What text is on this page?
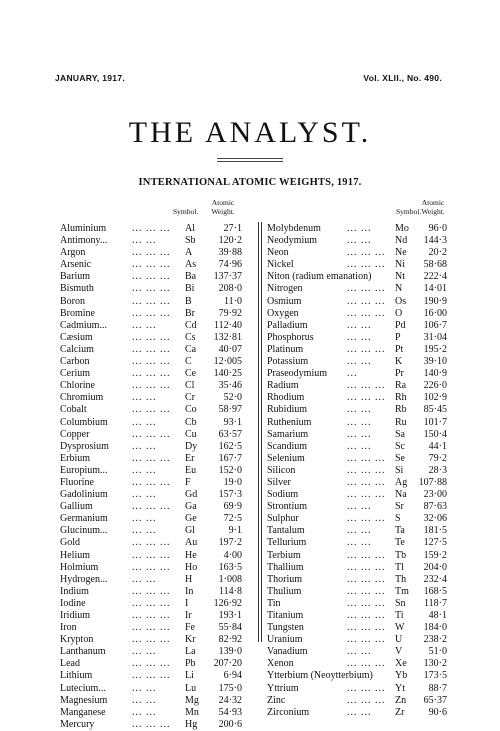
JANUARY, 1917.	Vol. XLII., No. 490.
THE ANALYST.
INTERNATIONAL ATOMIC WEIGHTS, 1917.
Symbol.
Atomic
Weight.	Symbol.
Atomic
Weight.
Aluminium	... ... ... Al	27·1
Antimony... ... ...	Sb 120·2
Argon	... ... ... A	39·88
Arsenic	... ... ... As 74·96
Barium	... ... ... Ba 137·37
Bismuth	... ... ... Bi 208·0
Boron	... ... ... B	11·0
Bromine	... ... ... Br 79·92
Cadmium...	... ...	Cd 112·40
Cæsium	... ... ... Cs 132·81
Calcium	... ... ... Ca 40·07
Carbon	... ... ... C 12·005
Cerium	... ... ... Ce 140·25
Chlorine	... ... ... Cl 35·46
Chromium	... ...	Cr	52·0
Cobalt	... ... ... Co 58·97
Columbium ... ...	Cb	93·1
Copper	... ... ... Cu 63·57
Dysprosium ... ...	Dy 162·5
Erbium	... ... ... Er 167·7
Europium... ... ...	Eu 152·0
Fluorine	... ... ... F	19·0
Gadolinium ... ...	Gd 157·3
Gallium	... ... ... Ga	69·9
Germanium ... ...	Ge	72·5
Glucinum... ... ...	Gl	9·1
Gold	... ... ... Au 197·2
Helium	... ... ... He	4·00
Holmium	... ... ... Ho 163·5
Hydrogen... ... ...	H	1·008
Indium	... ... ... In	114·8
Iodine	... ... ... I	126·92
Iridium	... ... ... Ir	193·1
Iron	... ... ... Fe 55·84
Krypton	... ... ... Kr 82·92
Lanthanum	... ...	La 139·0
Lead	... ... ... Pb 207·20
Lithium	... ... ... Li	6·94
Lutecium...	... ...	Lu 175·0
Magnesium ... ...	Mg 24·32
Manganese	... ...	Mn 54·93
Mercury	... ... ... Hg 200·6
Molybdenum	... ... Mo 96·0
Neodymium	... ... Nd 144·3
Neon	... ... ... Ne 20·2
Nickel	... ... ... Ni 58·68
Niton (radium emanation) Nt 222·4
Nitrogen	... ... ... N 14·01
Osmium	... ... ... Os 190·9
Oxygen	... ... ... O 16·00
Palladium	... ... Pd 106·7
Phosphorus	... ... P 31·04
Platinum	... ... ... Pt 195·2
Potassium	... ... K 39·10
Praseodymium ...	Pr 140·9
Radium	... ... ... Ra 226·0
Rhodium	... ... ... Rh 102·9
Rubidium	... ... Rb 85·45
Ruthenium	... ... Ru 101·7
Samarium	... ... Sa 150·4
Scandium	... ... Sc 44·1
Selenium	... ... ... Se 79·2
Silicon	... ... ... Si	28·3
Silver	... ... ... Ag 107·88
Sodium	... ... ... Na 23·00
Strontium	... ... Sr 87·63
Sulphur	... ... ... S 32·06
Tantalum	... ... Ta 181·5
Tellurium	... ... Te 127·5
Terbium	... ... ... Tb 159·2
Thallium	... ... ... Tl 204·0
Thorium	... ... ... Th 232·4
Thulium	... ... ... Tm 168·5
Tin	... ... ... Sn 118·7
Titanium	... ... ... Ti	48·1
Tungsten	... ... ... W 184·0
Uranium	... ... ... U 238·2
Vanadium	... ... V	51·0
Xenon	... ... ... Xe 130·2
Ytterbium (Neoytterbium) Yb 173·5
Yttrium	... ... ... Yt 88·7
Zinc	... ... ... Zn 65·37
Zirconium	... ... Zr 90·6
